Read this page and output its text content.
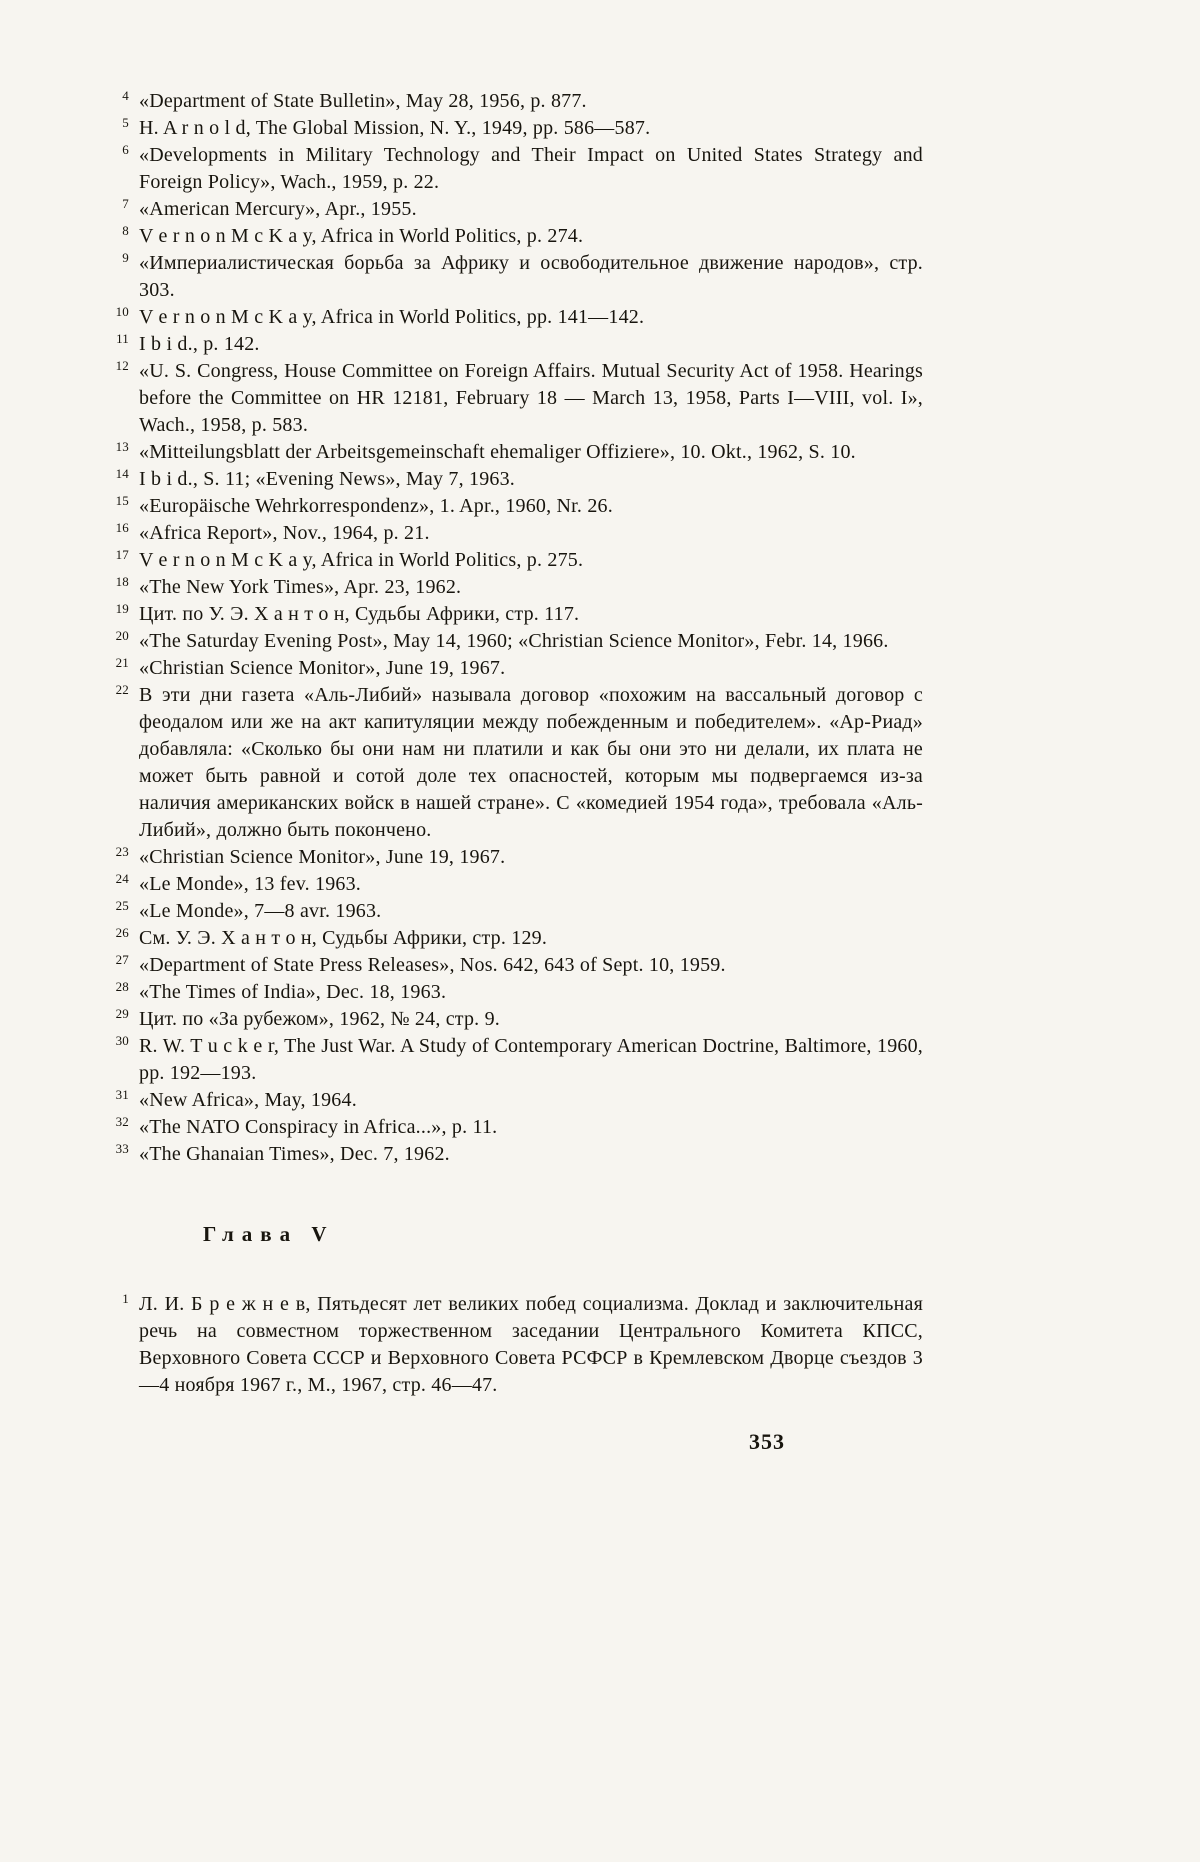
$^4$ «Department of State Bulletin», May 28, 1956, p. 877.

$^5$ H. A r n o l d, The Global Mission, N. Y., 1949, pp. 586—587.

$^6$ «Developments in Military Technology and Their Impact on United States Strategy and Foreign Policy», Wach., 1959, p. 22.

$^7$ «American Mercury», Apr., 1955.

$^8$ V e r n o n M c K a y, Africa in World Politics, p. 274.

$^9$ «Империалистическая борьба за Африку и освободительное движение народов», стр. 303.

$^{10}$ V e r n o n M c K a y, Africa in World Politics, pp. 141—142.

$^{11}$ I b i d., p. 142.

$^{12}$ «U. S. Congress, House Committee on Foreign Affairs. Mutual Security Act of 1958. Hearings before the Committee on HR 12181, February 18 — March 13, 1958, Parts I—VIII, vol. I», Wach., 1958, p. 583.

$^{13}$ «Mitteilungsblatt der Arbeitsgemeinschaft ehemaliger Offiziere», 10. Okt., 1962, S. 10.

$^{14}$ I b i d., S. 11; «Evening News», May 7, 1963.

$^{15}$ «Europäische Wehrkorrespondenz», 1. Apr., 1960, Nr. 26.

$^{16}$ «Africa Report», Nov., 1964, p. 21.

$^{17}$ V e r n o n M c K a y, Africa in World Politics, p. 275.

$^{18}$ «The New York Times», Apr. 23, 1962.

$^{19}$ Цит. по У. Э. Х а н т о н, Судьбы Африки, стр. 117.

$^{20}$ «The Saturday Evening Post», May 14, 1960; «Christian Science Monitor», Febr. 14, 1966.

$^{21}$ «Christian Science Monitor», June 19, 1967.

$^{22}$ В эти дни газета «Аль-Либий» называла договор «похожим на вассальный договор с феодалом или же на акт капитуляции между побежденным и победителем». «Ар-Риад» добавляла: «Сколько бы они нам ни платили и как бы они это ни делали, их плата не может быть равной и сотой доле тех опасностей, которым мы подвергаемся из-за наличия американских войск в нашей стране». С «комедией 1954 года», требовала «Аль-Либий», должно быть покончено.

$^{23}$ «Christian Science Monitor», June 19, 1967.

$^{24}$ «Le Monde», 13 fev. 1963.

$^{25}$ «Le Monde», 7—8 avr. 1963.

$^{26}$ См. У. Э. Х а н т о н, Судьбы Африки, стр. 129.

$^{27}$ «Department of State Press Releases», Nos. 642, 643 of Sept. 10, 1959.

$^{28}$ «The Times of India», Dec. 18, 1963.

$^{29}$ Цит. по «За рубежом», 1962, № 24, стр. 9.

$^{30}$ R. W. T u c k e r, The Just War. A Study of Contemporary American Doctrine, Baltimore, 1960, pp. 192—193.

$^{31}$ «New Africa», May, 1964.

$^{32}$ «The NATO Conspiracy in Africa...», p. 11.

$^{33}$ «The Ghanaian Times», Dec. 7, 1962.

Глава V

$^1$ Л. И. Б р е ж н е в, Пятьдесят лет великих побед социализма. Доклад и заключительная речь на совместном торжественном заседании Центрального Комитета КПСС, Верховного Совета СССР и Верховного Совета РСФСР в Кремлевском Дворце съездов 3—4 ноября 1967 г., М., 1967, стр. 46—47.

353
